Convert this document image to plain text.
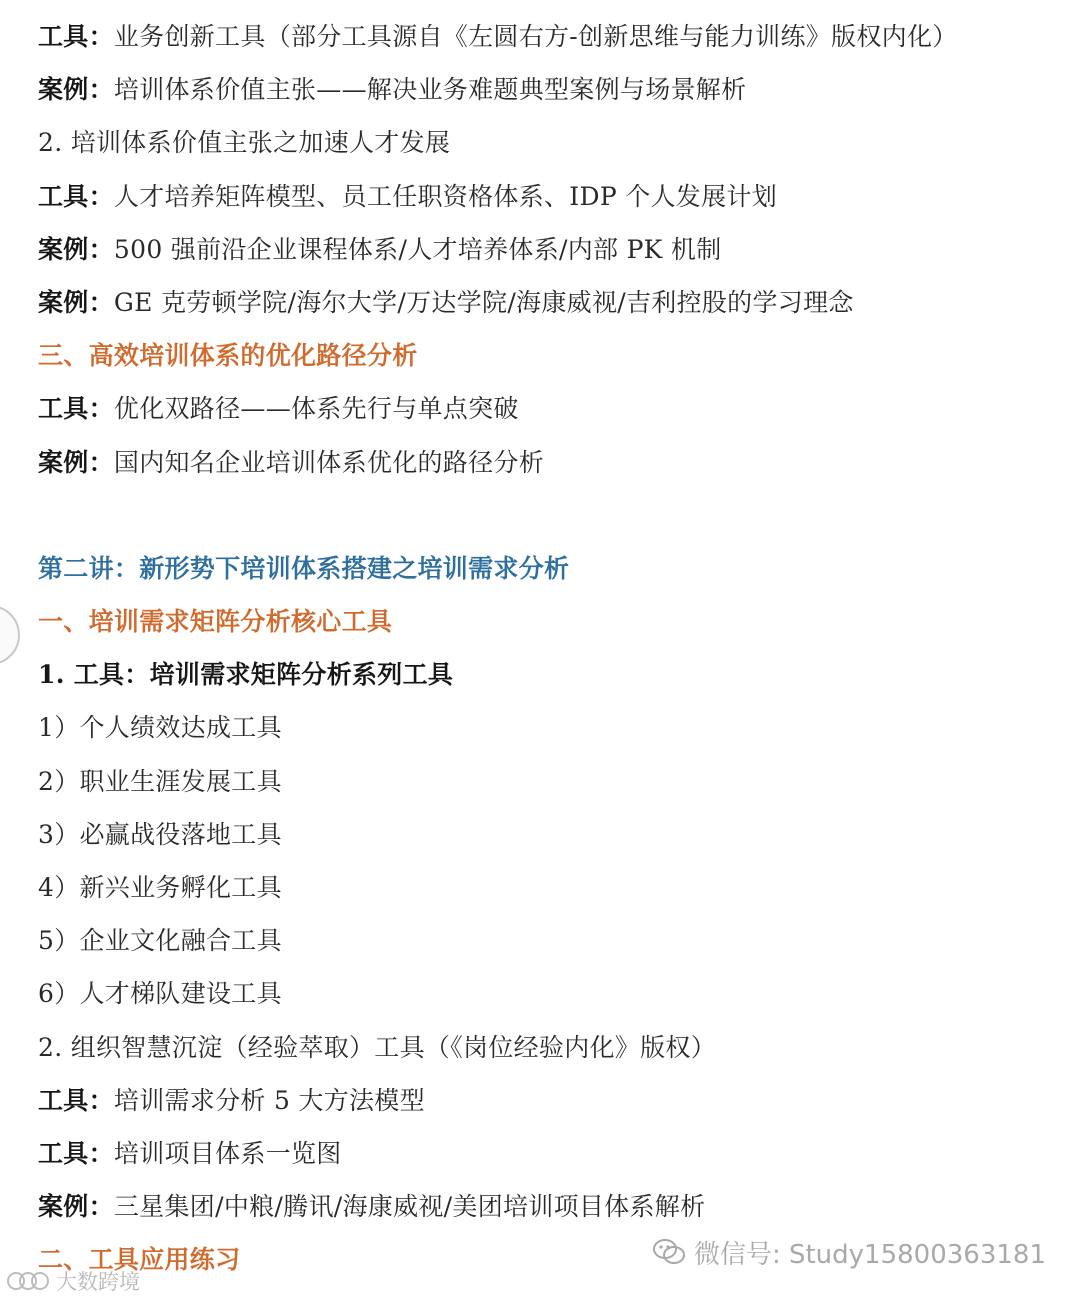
工具：业务创新工具（部分工具源自《左圆右方-创新思维与能力训练》版权内化）
案例：培训体系价值主张——解决业务难题典型案例与场景解析
2. 培训体系价值主张之加速人才发展
工具：人才培养矩阵模型、员工任职资格体系、IDP 个人发展计划
案例：500 强前沿企业课程体系/人才培养体系/内部 PK 机制
案例：GE 克劳顿学院/海尔大学/万达学院/海康威视/吉利控股的学习理念
三、高效培训体系的优化路径分析
工具：优化双路径——体系先行与单点突破
案例：国内知名企业培训体系优化的路径分析
第二讲：新形势下培训体系搭建之培训需求分析
一、培训需求矩阵分析核心工具
1. 工具：培训需求矩阵分析系列工具
1）个人绩效达成工具
2）职业生涯发展工具
3）必赢战役落地工具
4）新兴业务孵化工具
5）企业文化融合工具
6）人才梯队建设工具
2. 组织智慧沉淀（经验萃取）工具（《岗位经验内化》版权）
工具：培训需求分析 5 大方法模型
工具：培训项目体系一览图
案例：三星集团/中粮/腾讯/海康威视/美团培训项目体系解析
二、工具应用练习	微信号: Study15800363181
大数跨境
